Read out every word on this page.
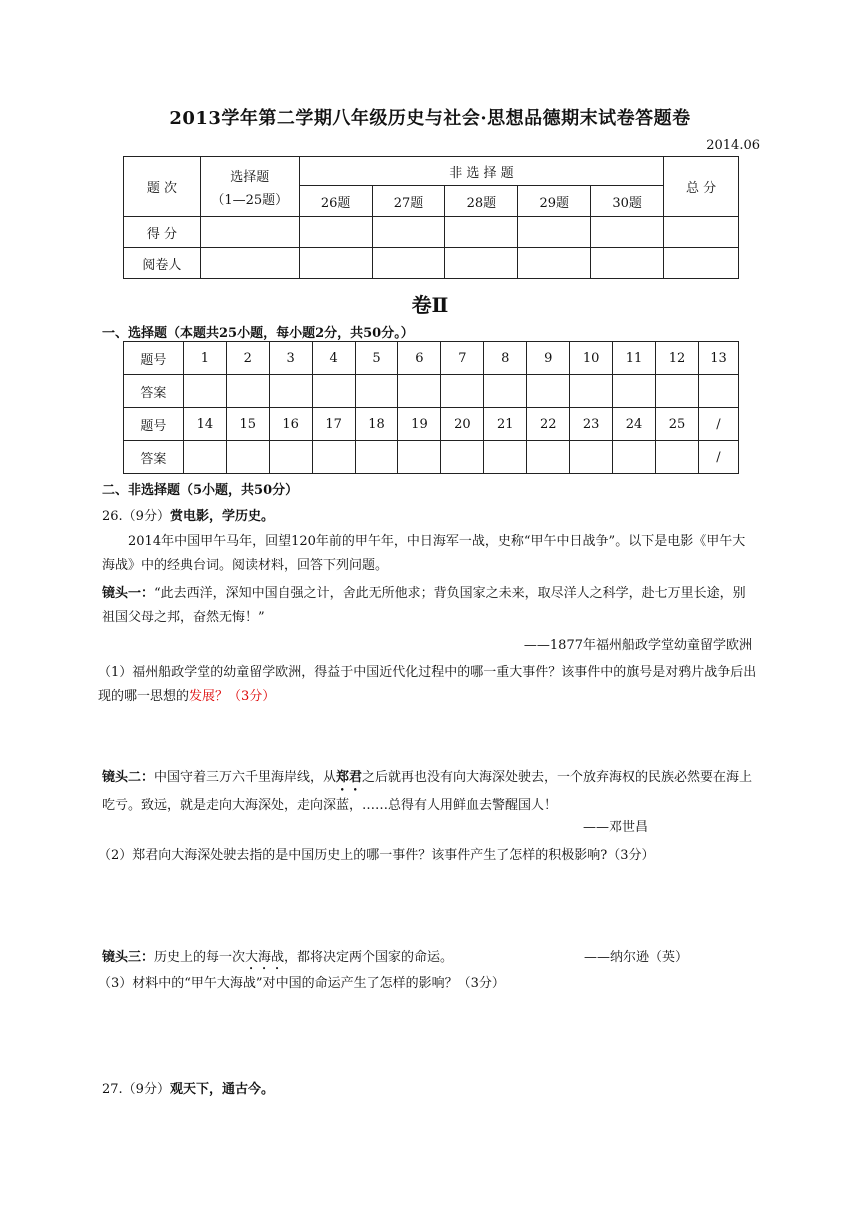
2013学年第二学期八年级历史与社会·思想品德期末试卷答题卷
2014.06
题 次	选择题
（1—25题）	非 选 择 题					总 分
		26题	27题	28题	29题	30题	
得 分							
阅卷人							
卷Ⅱ
一、选择题（本题共25小题，每小题2分，共50分。）
题号	1	2	3	4	5	6	7	8	9	10	11	12	13
答案													
题号	14	15	16	17	18	19	20	21	22	23	24	25	/
答案													/
二、非选择题（5小题，共50分）
26.（9分）赏电影，学历史。
2014年中国甲午马年，回望120年前的甲午年，中日海军一战，史称“甲午中日战争”。以下是电影《甲午大海战》中的经典台词。阅读材料，回答下列问题。
镜头一：“此去西洋，深知中国自强之计，舍此无所他求；背负国家之未来，取尽洋人之科学，赴七万里长途，别祖国父母之邦，奋然无悔！”
——1877年福州船政学堂幼童留学欧洲
（1）福州船政学堂的幼童留学欧洲，得益于中国近代化过程中的哪一重大事件？该事件中的旗号是对鸦片战争后出现的哪一思想的发展？（3分）
镜头二：中国守着三万六千里海岸线，从郑君之后就再也没有向大海深处驶去，一个放弃海权的民族必然要在海上吃亏。致远，就是走向大海深处，走向深蓝，……总得有人用鲜血去警醒国人！
——邓世昌
（2）郑君向大海深处驶去指的是中国历史上的哪一事件？该事件产生了怎样的积极影响?（3分）
镜头三：历史上的每一次大海战，都将决定两个国家的命运。	——纳尔逊（英）
（3）材料中的“甲午大海战”对中国的命运产生了怎样的影响？（3分）
27.（9分）观天下，通古今。
